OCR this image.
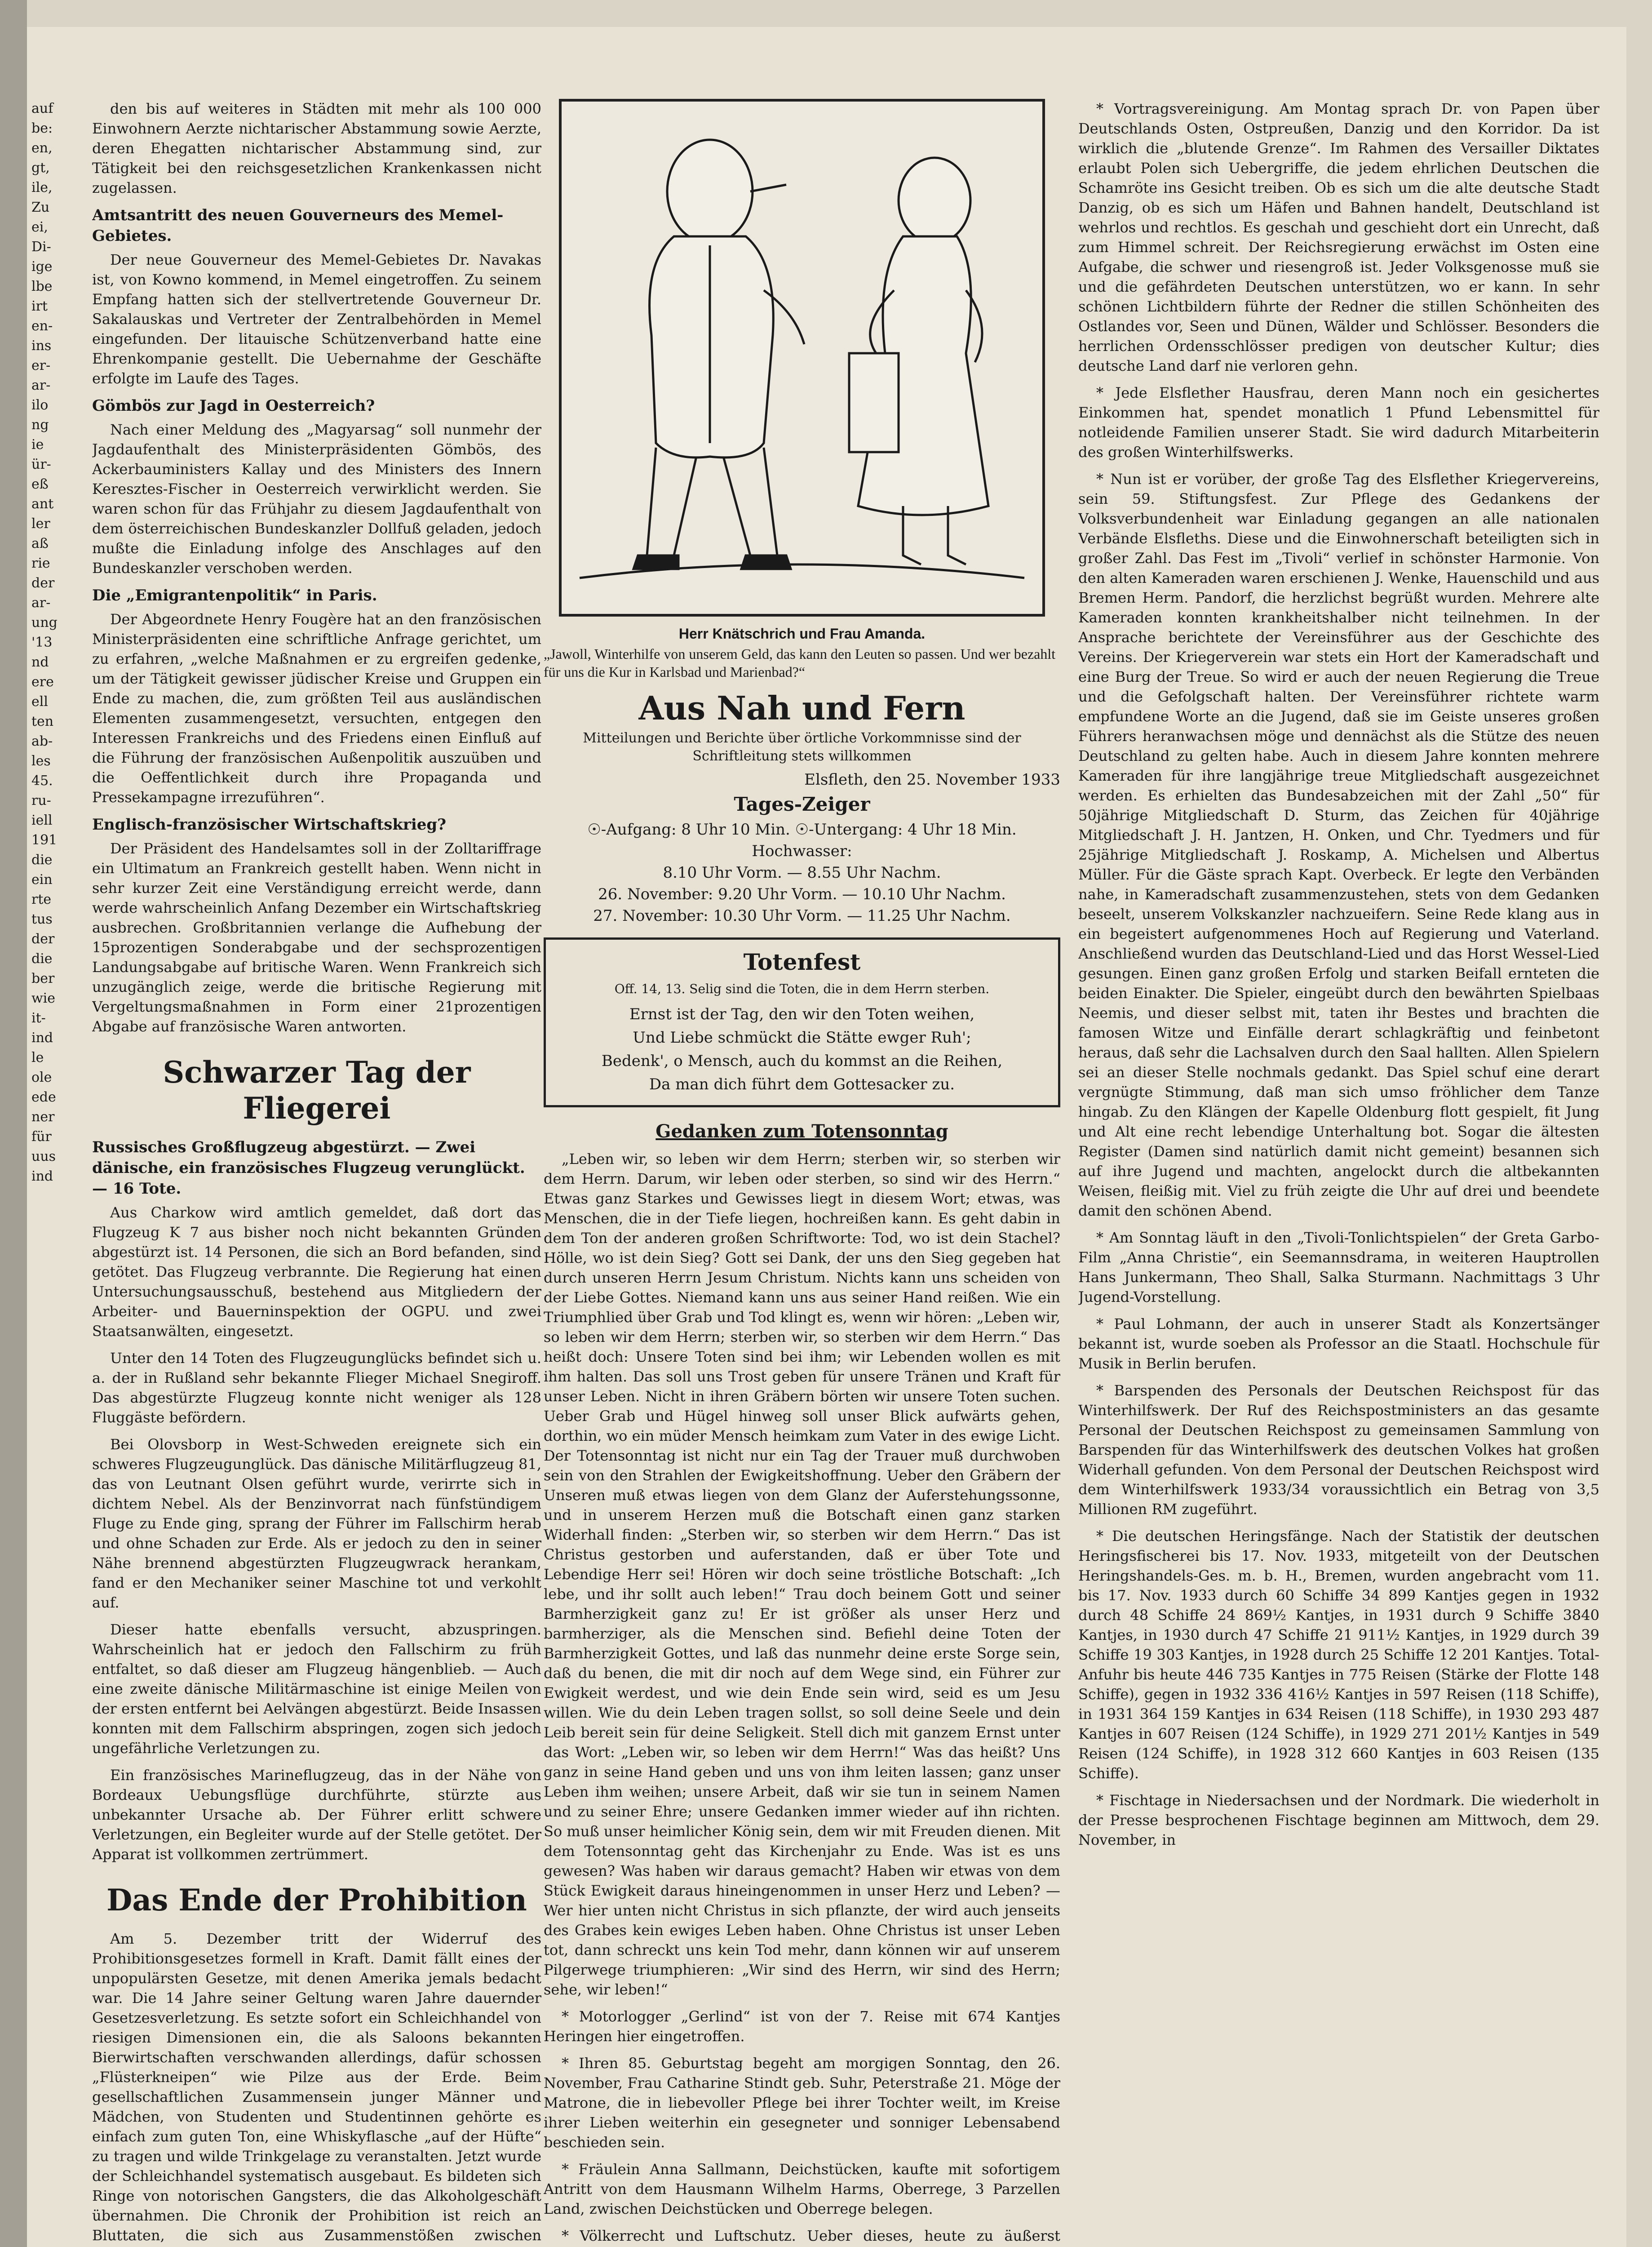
auf
be:
en,
gt,
ile,
Zu
ei,
Di-
ige
lbe
irt
en-
ins
er-
ar-
ilo
ng
ie
ür-
eß
ant
ler
aß
rie
der
ar-
ung
'13
nd
ere
ell
ten
ab-
les
45.
ru-
iell
191
die
ein
rte
tus
der
die
ber
wie
it-
ind
le
ole
ede
ner
für
uus
ind

den bis auf weiteres in Städten mit mehr als 100 000 Einwohnern Aerzte nichtarischer Abstammung sowie Aerzte, deren Ehegatten nichtarischer Abstammung sind, zur Tätigkeit bei den reichsgesetzlichen Krankenkassen nicht zugelassen.

Amtsantritt des neuen Gouverneurs des Memel-Gebietes.

Der neue Gouverneur des Memel-Gebietes Dr. Navakas ist, von Kowno kommend, in Memel eingetroffen. Zu seinem Empfang hatten sich der stellvertretende Gouverneur Dr. Sakalauskas und Vertreter der Zentralbehörden in Memel eingefunden. Der litauische Schützenverband hatte eine Ehrenkompanie gestellt. Die Uebernahme der Geschäfte erfolgte im Laufe des Tages.

Gömbös zur Jagd in Oesterreich?

Nach einer Meldung des „Magyarsag“ soll nunmehr der Jagdaufenthalt des Ministerpräsidenten Gömbös, des Ackerbauministers Kallay und des Ministers des Innern Keresztes-Fischer in Oesterreich verwirklicht werden. Sie waren schon für das Frühjahr zu diesem Jagdaufenthalt von dem österreichischen Bundeskanzler Dollfuß geladen, jedoch mußte die Einladung infolge des Anschlages auf den Bundeskanzler verschoben werden.

Die „Emigrantenpolitik“ in Paris.

Der Abgeordnete Henry Fougère hat an den französischen Ministerpräsidenten eine schriftliche Anfrage gerichtet, um zu erfahren, „welche Maßnahmen er zu ergreifen gedenke, um der Tätigkeit gewisser jüdischer Kreise und Gruppen ein Ende zu machen, die, zum größten Teil aus ausländischen Elementen zusammengesetzt, versuchten, entgegen den Interessen Frankreichs und des Friedens einen Einfluß auf die Führung der französischen Außenpolitik auszuüben und die Oeffentlichkeit durch ihre Propaganda und Pressekampagne irrezuführen“.

Englisch-französischer Wirtschaftskrieg?

Der Präsident des Handelsamtes soll in der Zolltariffrage ein Ultimatum an Frankreich gestellt haben. Wenn nicht in sehr kurzer Zeit eine Verständigung erreicht werde, dann werde wahrscheinlich Anfang Dezember ein Wirtschaftskrieg ausbrechen. Großbritannien verlange die Aufhebung der 15prozentigen Sonderabgabe und der sechsprozentigen Landungsabgabe auf britische Waren. Wenn Frankreich sich unzugänglich zeige, werde die britische Regierung mit Vergeltungsmaßnahmen in Form einer 21prozentigen Abgabe auf französische Waren antworten.

Schwarzer Tag der Fliegerei
Russisches Großflugzeug abgestürzt. — Zwei dänische, ein französisches Flugzeug verunglückt. — 16 Tote.

Aus Charkow wird amtlich gemeldet, daß dort das Flugzeug K 7 aus bisher noch nicht bekannten Gründen abgestürzt ist. 14 Personen, die sich an Bord befanden, sind getötet. Das Flugzeug verbrannte. Die Regierung hat einen Untersuchungsausschuß, bestehend aus Mitgliedern der Arbeiter- und Bauerninspektion der OGPU. und zwei Staatsanwälten, eingesetzt.

Unter den 14 Toten des Flugzeugunglücks befindet sich u. a. der in Rußland sehr bekannte Flieger Michael Snegiroff. Das abgestürzte Flugzeug konnte nicht weniger als 128 Fluggäste befördern.

Bei Olovsborp in West-Schweden ereignete sich ein schweres Flugzeugunglück. Das dänische Militärflugzeug 81, das von Leutnant Olsen geführt wurde, verirrte sich in dichtem Nebel. Als der Benzinvorrat nach fünfstündigem Fluge zu Ende ging, sprang der Führer im Fallschirm herab und ohne Schaden zur Erde. Als er jedoch zu den in seiner Nähe brennend abgestürzten Flugzeugwrack herankam, fand er den Mechaniker seiner Maschine tot und verkohlt auf.

Dieser hatte ebenfalls versucht, abzuspringen. Wahrscheinlich hat er jedoch den Fallschirm zu früh entfaltet, so daß dieser am Flugzeug hängenblieb. — Auch eine zweite dänische Militärmaschine ist einige Meilen von der ersten entfernt bei Aelvängen abgestürzt. Beide Insassen konnten mit dem Fallschirm abspringen, zogen sich jedoch ungefährliche Verletzungen zu.

Ein französisches Marineflugzeug, das in der Nähe von Bordeaux Uebungsflüge durchführte, stürzte aus unbekannter Ursache ab. Der Führer erlitt schwere Verletzungen, ein Begleiter wurde auf der Stelle getötet. Der Apparat ist vollkommen zertrümmert.

Das Ende der Prohibition

Am 5. Dezember tritt der Widerruf des Prohibitionsgesetzes formell in Kraft. Damit fällt eines der unpopulärsten Gesetze, mit denen Amerika jemals bedacht war. Die 14 Jahre seiner Geltung waren Jahre dauernder Gesetzesverletzung. Es setzte sofort ein Schleichhandel von riesigen Dimensionen ein, die als Saloons bekannten Bierwirtschaften verschwanden allerdings, dafür schossen „Flüsterkneipen“ wie Pilze aus der Erde. Beim gesellschaftlichen Zusammensein junger Männer und Mädchen, von Studenten und Studentinnen gehörte es einfach zum guten Ton, eine Whiskyflasche „auf der Hüfte“ zu tragen und wilde Trinkgelage zu veranstalten. Jetzt wurde der Schleichhandel systematisch ausgebaut. Es bildeten sich Ringe von notorischen Gangsters, die das Alkoholgeschäft übernahmen. Die Chronik der Prohibition ist reich an Bluttaten, die sich aus Zusammenstößen zwischen

Herr Knätschrich und Frau Amanda.
„Jawoll, Winterhilfe von unserem Geld, das kann den Leuten so passen. Und wer bezahlt für uns die Kur in Karlsbad und Marienbad?“
Aus Nah und Fern
Mitteilungen und Berichte über örtliche Vorkommnisse sind der Schriftleitung stets willkommen
Elsfleth, den 25. November 1933
Tages-Zeiger
☉-Aufgang: 8 Uhr 10 Min. ☉-Untergang: 4 Uhr 18 Min.
Hochwasser:
8.10 Uhr Vorm. — 8.55 Uhr Nachm.
26. November: 9.20 Uhr Vorm. — 10.10 Uhr Nachm.
27. November: 10.30 Uhr Vorm. — 11.25 Uhr Nachm.
Totenfest
Off. 14, 13. Selig sind die Toten, die in dem Herrn sterben.
Ernst ist der Tag, den wir den Toten weihen,
Und Liebe schmückt die Stätte ewger Ruh';
Bedenk', o Mensch, auch du kommst an die Reihen,
Da man dich führt dem Gottesacker zu.
Gedanken zum Totensonntag

„Leben wir, so leben wir dem Herrn; sterben wir, so sterben wir dem Herrn. Darum, wir leben oder sterben, so sind wir des Herrn.“ Etwas ganz Starkes und Gewisses liegt in diesem Wort; etwas, was Menschen, die in der Tiefe liegen, hochreißen kann. Es geht dabin in dem Ton der anderen großen Schriftworte: Tod, wo ist dein Stachel? Hölle, wo ist dein Sieg? Gott sei Dank, der uns den Sieg gegeben hat durch unseren Herrn Jesum Christum. Nichts kann uns scheiden von der Liebe Gottes. Niemand kann uns aus seiner Hand reißen. Wie ein Triumphlied über Grab und Tod klingt es, wenn wir hören: „Leben wir, so leben wir dem Herrn; sterben wir, so sterben wir dem Herrn.“ Das heißt doch: Unsere Toten sind bei ihm; wir Lebenden wollen es mit ihm halten. Das soll uns Trost geben für unsere Tränen und Kraft für unser Leben. Nicht in ihren Gräbern börten wir unsere Toten suchen. Ueber Grab und Hügel hinweg soll unser Blick aufwärts gehen, dorthin, wo ein müder Mensch heimkam zum Vater in des ewige Licht. Der Totensonntag ist nicht nur ein Tag der Trauer muß durchwoben sein von den Strahlen der Ewigkeitshoffnung. Ueber den Gräbern der Unseren muß etwas liegen von dem Glanz der Auferstehungssonne, und in unserem Herzen muß die Botschaft einen ganz starken Widerhall finden: „Sterben wir, so sterben wir dem Herrn.“ Das ist Christus gestorben und auferstanden, daß er über Tote und Lebendige Herr sei! Hören wir doch seine tröstliche Botschaft: „Ich lebe, und ihr sollt auch leben!“ Trau doch beinem Gott und seiner Barmherzigkeit ganz zu! Er ist größer als unser Herz und barmherziger, als die Menschen sind. Befiehl deine Toten der Barmherzigkeit Gottes, und laß das nunmehr deine erste Sorge sein, daß du benen, die mit dir noch auf dem Wege sind, ein Führer zur Ewigkeit werdest, und wie dein Ende sein wird, seid es um Jesu willen. Wie du dein Leben tragen sollst, so soll deine Seele und dein Leib bereit sein für deine Seligkeit. Stell dich mit ganzem Ernst unter das Wort: „Leben wir, so leben wir dem Herrn!“ Was das heißt? Uns ganz in seine Hand geben und uns von ihm leiten lassen; ganz unser Leben ihm weihen; unsere Arbeit, daß wir sie tun in seinem Namen und zu seiner Ehre; unsere Gedanken immer wieder auf ihn richten. So muß unser heimlicher König sein, dem wir mit Freuden dienen. Mit dem Totensonntag geht das Kirchenjahr zu Ende. Was ist es uns gewesen? Was haben wir daraus gemacht? Haben wir etwas von dem Stück Ewigkeit daraus hineingenommen in unser Herz und Leben? — Wer hier unten nicht Christus in sich pflanzte, der wird auch jenseits des Grabes kein ewiges Leben haben. Ohne Christus ist unser Leben tot, dann schreckt uns kein Tod mehr, dann können wir auf unserem Pilgerwege triumphieren: „Wir sind des Herrn, wir sind des Herrn; sehe, wir leben!“

* Motorlogger „Gerlind“ ist von der 7. Reise mit 674 Kantjes Heringen hier eingetroffen.

* Ihren 85. Geburtstag begeht am morgigen Sonntag, den 26. November, Frau Catharine Stindt geb. Suhr, Peterstraße 21. Möge der Matrone, die in liebevoller Pflege bei ihrer Tochter weilt, im Kreise ihrer Lieben weiterhin ein gesegneter und sonniger Lebensabend beschieden sein.

* Fräulein Anna Sallmann, Deichstücken, kaufte mit sofortigem Antritt von dem Hausmann Wilhelm Harms, Oberrege, 3 Parzellen Land, zwischen Deichstücken und Oberrege belegen.

* Völkerrecht und Luftschutz. Ueber dieses, heute zu äußerst

* Vortragsvereinigung. Am Montag sprach Dr. von Papen über Deutschlands Osten, Ostpreußen, Danzig und den Korridor. Da ist wirklich die „blutende Grenze“. Im Rahmen des Versailler Diktates erlaubt Polen sich Uebergriffe, die jedem ehrlichen Deutschen die Schamröte ins Gesicht treiben. Ob es sich um die alte deutsche Stadt Danzig, ob es sich um Häfen und Bahnen handelt, Deutschland ist wehrlos und rechtlos. Es geschah und geschieht dort ein Unrecht, daß zum Himmel schreit. Der Reichsregierung erwächst im Osten eine Aufgabe, die schwer und riesengroß ist. Jeder Volksgenosse muß sie und die gefährdeten Deutschen unterstützen, wo er kann. In sehr schönen Lichtbildern führte der Redner die stillen Schönheiten des Ostlandes vor, Seen und Dünen, Wälder und Schlösser. Besonders die herrlichen Ordensschlösser predigen von deutscher Kultur; dies deutsche Land darf nie verloren gehn.

* Jede Elsflether Hausfrau, deren Mann noch ein gesichertes Einkommen hat, spendet monatlich 1 Pfund Lebensmittel für notleidende Familien unserer Stadt. Sie wird dadurch Mitarbeiterin des großen Winterhilfswerks.

* Nun ist er vorüber, der große Tag des Elsflether Kriegervereins, sein 59. Stiftungsfest. Zur Pflege des Gedankens der Volksverbundenheit war Einladung gegangen an alle nationalen Verbände Elsfleths. Diese und die Einwohnerschaft beteiligten sich in großer Zahl. Das Fest im „Tivoli“ verlief in schönster Harmonie. Von den alten Kameraden waren erschienen J. Wenke, Hauenschild und aus Bremen Herm. Pandorf, die herzlichst begrüßt wurden. Mehrere alte Kameraden konnten krankheitshalber nicht teilnehmen. In der Ansprache berichtete der Vereinsführer aus der Geschichte des Vereins. Der Kriegerverein war stets ein Hort der Kameradschaft und eine Burg der Treue. So wird er auch der neuen Regierung die Treue und die Gefolgschaft halten. Der Vereinsführer richtete warm empfundene Worte an die Jugend, daß sie im Geiste unseres großen Führers heranwachsen möge und dennächst als die Stütze des neuen Deutschland zu gelten habe. Auch in diesem Jahre konnten mehrere Kameraden für ihre langjährige treue Mitgliedschaft ausgezeichnet werden. Es erhielten das Bundesabzeichen mit der Zahl „50“ für 50jährige Mitgliedschaft D. Sturm, das Zeichen für 40jährige Mitgliedschaft J. H. Jantzen, H. Onken, und Chr. Tyedmers und für 25jährige Mitgliedschaft J. Roskamp, A. Michelsen und Albertus Müller. Für die Gäste sprach Kapt. Overbeck. Er legte den Verbänden nahe, in Kameradschaft zusammenzustehen, stets von dem Gedanken beseelt, unserem Volkskanzler nachzueifern. Seine Rede klang aus in ein begeistert aufgenommenes Hoch auf Regierung und Vaterland. Anschließend wurden das Deutschland-Lied und das Horst Wessel-Lied gesungen. Einen ganz großen Erfolg und starken Beifall ernteten die beiden Einakter. Die Spieler, eingeübt durch den bewährten Spielbaas Neemis, und dieser selbst mit, taten ihr Bestes und brachten die famosen Witze und Einfälle derart schlagkräftig und feinbetont heraus, daß sehr die Lachsalven durch den Saal hallten. Allen Spielern sei an dieser Stelle nochmals gedankt. Das Spiel schuf eine derart vergnügte Stimmung, daß man sich umso fröhlicher dem Tanze hingab. Zu den Klängen der Kapelle Oldenburg flott gespielt, fit Jung und Alt eine recht lebendige Unterhaltung bot. Sogar die ältesten Register (Damen sind natürlich damit nicht gemeint) besannen sich auf ihre Jugend und machten, angelockt durch die altbekannten Weisen, fleißig mit. Viel zu früh zeigte die Uhr auf drei und beendete damit den schönen Abend.

* Am Sonntag läuft in den „Tivoli-Tonlichtspielen“ der Greta Garbo-Film „Anna Christie“, ein Seemannsdrama, in weiteren Hauptrollen Hans Junkermann, Theo Shall, Salka Sturmann. Nachmittags 3 Uhr Jugend-Vorstellung.

* Paul Lohmann, der auch in unserer Stadt als Konzertsänger bekannt ist, wurde soeben als Professor an die Staatl. Hochschule für Musik in Berlin berufen.

* Barspenden des Personals der Deutschen Reichspost für das Winterhilfswerk. Der Ruf des Reichspostministers an das gesamte Personal der Deutschen Reichspost zu gemeinsamen Sammlung von Barspenden für das Winterhilfswerk des deutschen Volkes hat großen Widerhall gefunden. Von dem Personal der Deutschen Reichspost wird dem Winterhilfswerk 1933/34 voraussichtlich ein Betrag von 3,5 Millionen RM zugeführt.

* Die deutschen Heringsfänge. Nach der Statistik der deutschen Heringsfischerei bis 17. Nov. 1933, mitgeteilt von der Deutschen Heringshandels-Ges. m. b. H., Bremen, wurden angebracht vom 11. bis 17. Nov. 1933 durch 60 Schiffe 34 899 Kantjes gegen in 1932 durch 48 Schiffe 24 869½ Kantjes, in 1931 durch 9 Schiffe 3840 Kantjes, in 1930 durch 47 Schiffe 21 911½ Kantjes, in 1929 durch 39 Schiffe 19 303 Kantjes, in 1928 durch 25 Schiffe 12 201 Kantjes. Total-Anfuhr bis heute 446 735 Kantjes in 775 Reisen (Stärke der Flotte 148 Schiffe), gegen in 1932 336 416½ Kantjes in 597 Reisen (118 Schiffe), in 1931 364 159 Kantjes in 634 Reisen (118 Schiffe), in 1930 293 487 Kantjes in 607 Reisen (124 Schiffe), in 1929 271 201½ Kantjes in 549 Reisen (124 Schiffe), in 1928 312 660 Kantjes in 603 Reisen (135 Schiffe).

* Fischtage in Niedersachsen und der Nordmark. Die wiederholt in der Presse besprochenen Fischtage beginnen am Mittwoch, dem 29. November, in
